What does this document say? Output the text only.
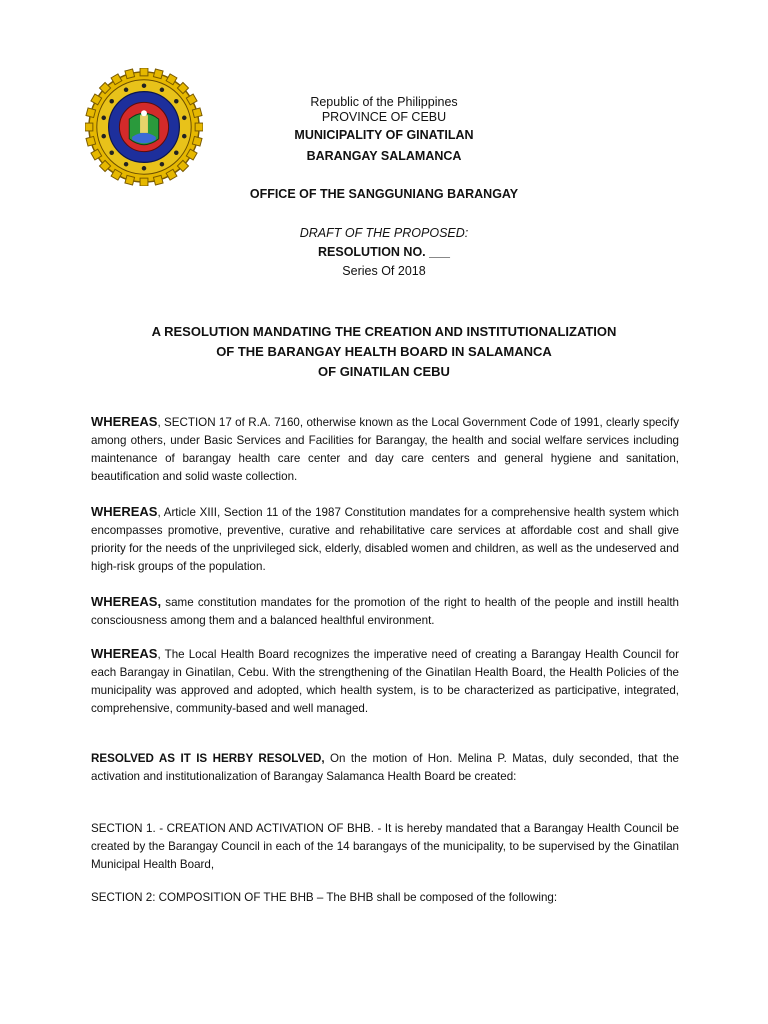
Republic of the Philippines
PROVINCE OF CEBU
MUNICIPALITY OF GINATILAN
BARANGAY SALAMANCA
OFFICE OF THE SANGGUNIANG BARANGAY
DRAFT OF THE PROPOSED:
RESOLUTION NO. ___
Series Of 2018
A RESOLUTION MANDATING THE CREATION AND INSTITUTIONALIZATION
OF THE BARANGAY HEALTH BOARD IN SALAMANCA
OF GINATILAN CEBU
WHEREAS, SECTION 17 of R.A. 7160, otherwise known as the Local Government Code of 1991, clearly specify among others, under Basic Services and Facilities for Barangay, the health and social welfare services including maintenance of barangay health care center and day care centers and general hygiene and sanitation, beautification and solid waste collection.
WHEREAS, Article XIII, Section 11 of the 1987 Constitution mandates for a comprehensive health system which encompasses promotive, preventive, curative and rehabilitative care services at affordable cost and shall give priority for the needs of the unprivileged sick, elderly, disabled women and children, as well as the undeserved and high-risk groups of the population.
WHEREAS, same constitution mandates for the promotion of the right to health of the people and instill health consciousness among them and a balanced healthful environment.
WHEREAS, The Local Health Board recognizes the imperative need of creating a Barangay Health Council for each Barangay in Ginatilan, Cebu. With the strengthening of the Ginatilan Health Board, the Health Policies of the municipality was approved and adopted, which health system, is to be characterized as participative, integrated, comprehensive, community-based and well managed.
RESOLVED AS IT IS HERBY RESOLVED, On the motion of Hon. Melina P. Matas, duly seconded, that the activation and institutionalization of Barangay Salamanca Health Board be created:
SECTION 1. - CREATION AND ACTIVATION OF BHB. - It is hereby mandated that a Barangay Health Council be created by the Barangay Council in each of the 14 barangays of the municipality, to be supervised by the Ginatilan Municipal Health Board,
SECTION 2: COMPOSITION OF THE BHB – The BHB shall be composed of the following:
